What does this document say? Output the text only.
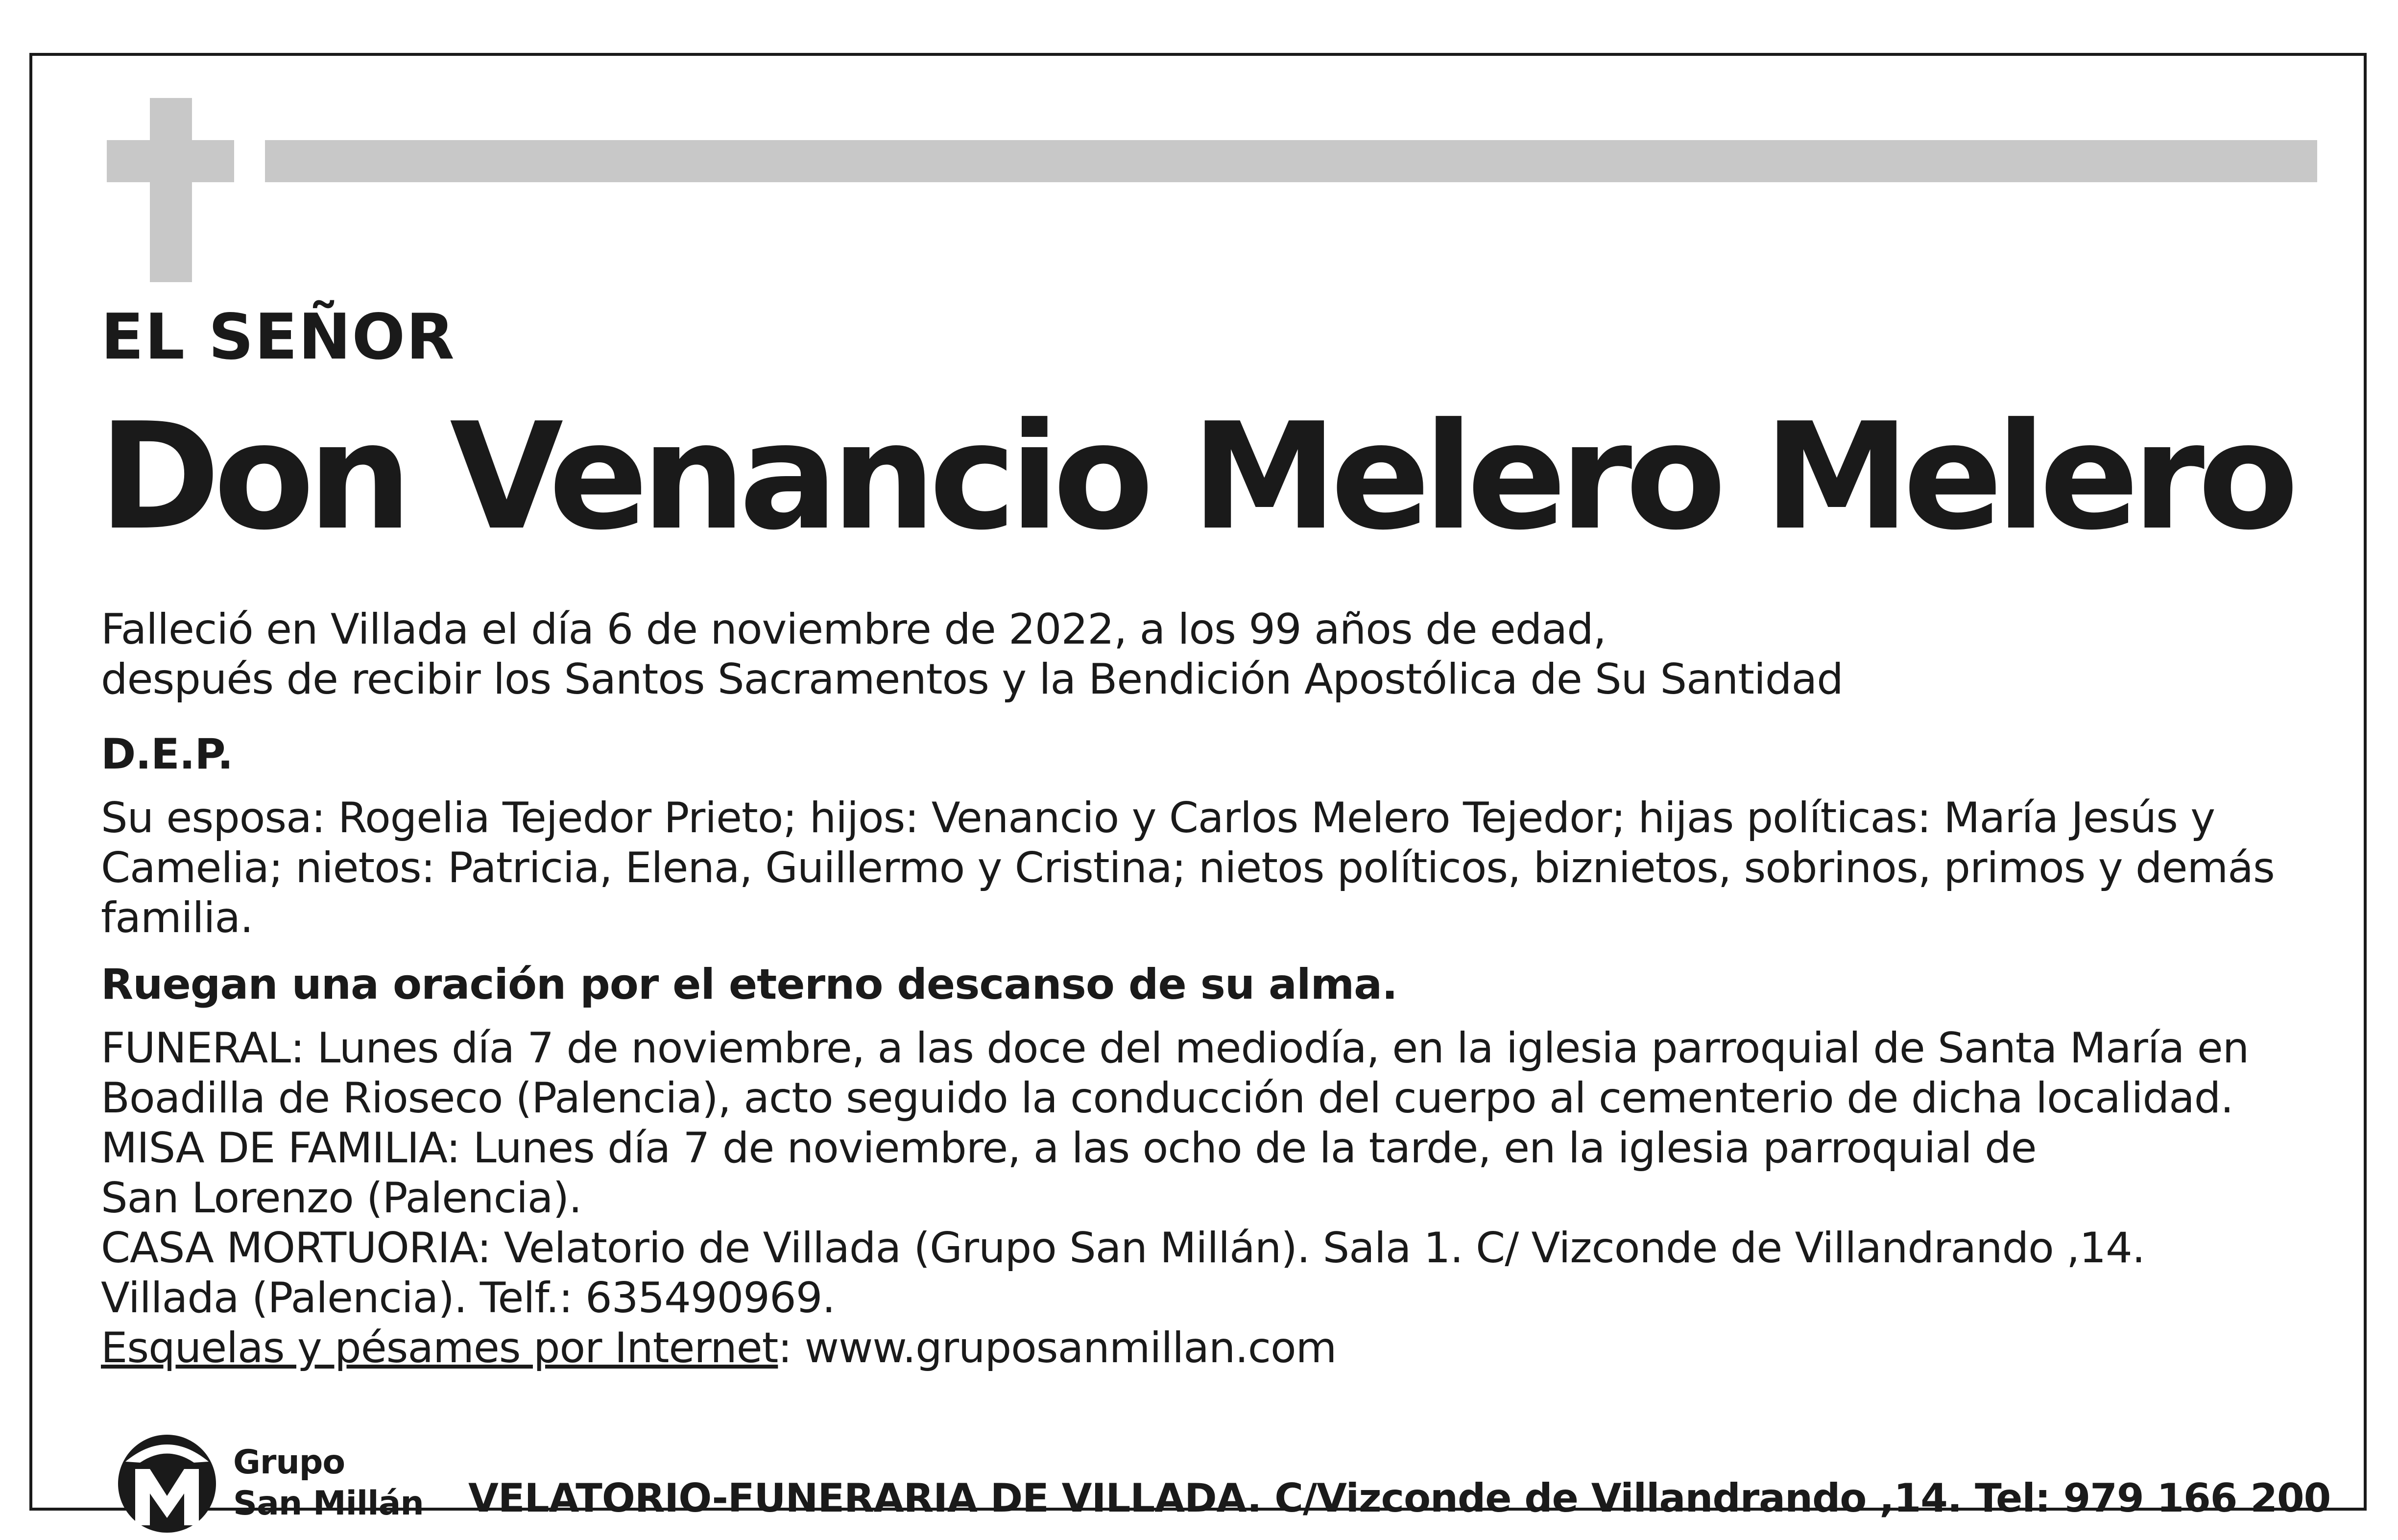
EL SEÑOR
Don Venancio Melero Melero
Falleció en Villada el día 6 de noviembre de 2022, a los 99 años de edad,
después de recibir los Santos Sacramentos y la Bendición Apostólica de Su Santidad
D.E.P.
Su esposa: Rogelia Tejedor Prieto; hijos: Venancio y Carlos Melero Tejedor; hijas políticas: María Jesús y
Camelia; nietos: Patricia, Elena, Guillermo y Cristina; nietos políticos, biznietos, sobrinos, primos y demás
familia.
Ruegan una oración por el eterno descanso de su alma.
FUNERAL: Lunes día 7 de noviembre, a las doce del mediodía, en la iglesia parroquial de Santa María en
Boadilla de Rioseco (Palencia), acto seguido la conducción del cuerpo al cementerio de dicha localidad.
MISA DE FAMILIA: Lunes día 7 de noviembre, a las ocho de la tarde, en la iglesia parroquial de
San Lorenzo (Palencia).
CASA MORTUORIA: Velatorio de Villada (Grupo San Millán). Sala 1. C/ Vizconde de Villandrando ,14.
Villada (Palencia). Telf.: 635490969.
Esquelas y pésames por Internet: www.gruposanmillan.com
Grupo
San Millán VELATORIO-FUNERARIA DE VILLADA. C/Vizconde de Villandrando ,14. Tel: 979 166 200
